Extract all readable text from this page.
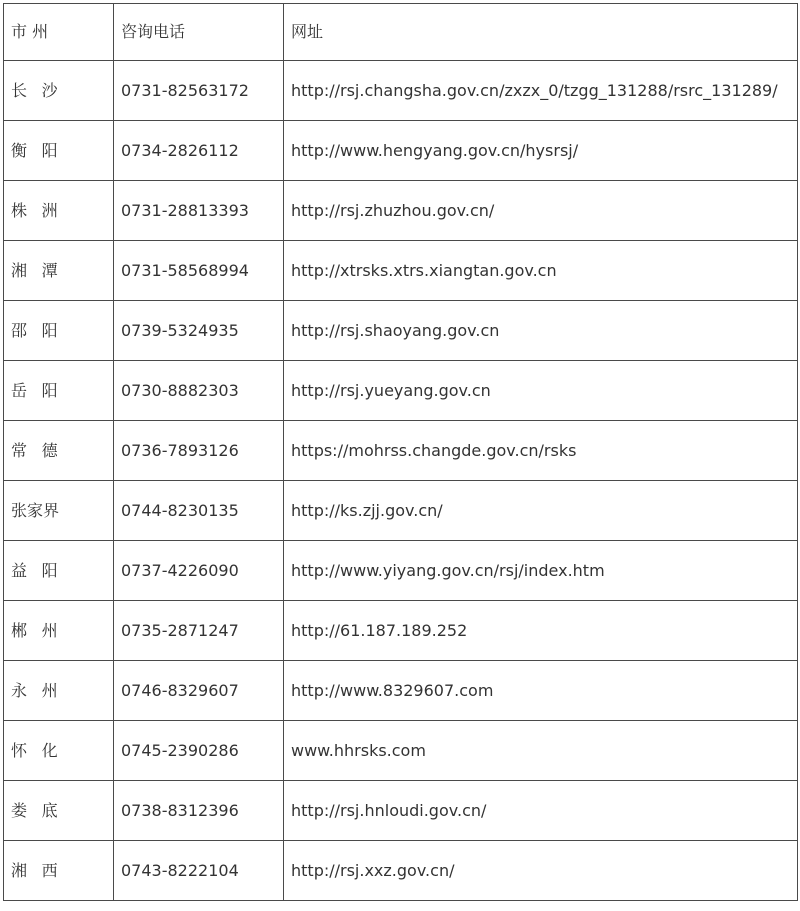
市 州	咨询电话	网址
长 沙	0731-82563172	http://rsj.changsha.gov.cn/zxzx_0/tzgg_131288/rsrc_131289/
衡 阳	0734-2826112	http://www.hengyang.gov.cn/hysrsj/
株 洲	0731-28813393	http://rsj.zhuzhou.gov.cn/
湘 潭	0731-58568994	http://xtrsks.xtrs.xiangtan.gov.cn
邵 阳	0739-5324935	http://rsj.shaoyang.gov.cn
岳 阳	0730-8882303	http://rsj.yueyang.gov.cn
常 德	0736-7893126	https://mohrss.changde.gov.cn/rsks
张家界	0744-8230135	http://ks.zjj.gov.cn/
益 阳	0737-4226090	http://www.yiyang.gov.cn/rsj/index.htm
郴 州	0735-2871247	http://61.187.189.252
永 州	0746-8329607	http://www.8329607.com
怀 化	0745-2390286	www.hhrsks.com
娄 底	0738-8312396	http://rsj.hnloudi.gov.cn/
湘 西	0743-8222104	http://rsj.xxz.gov.cn/
